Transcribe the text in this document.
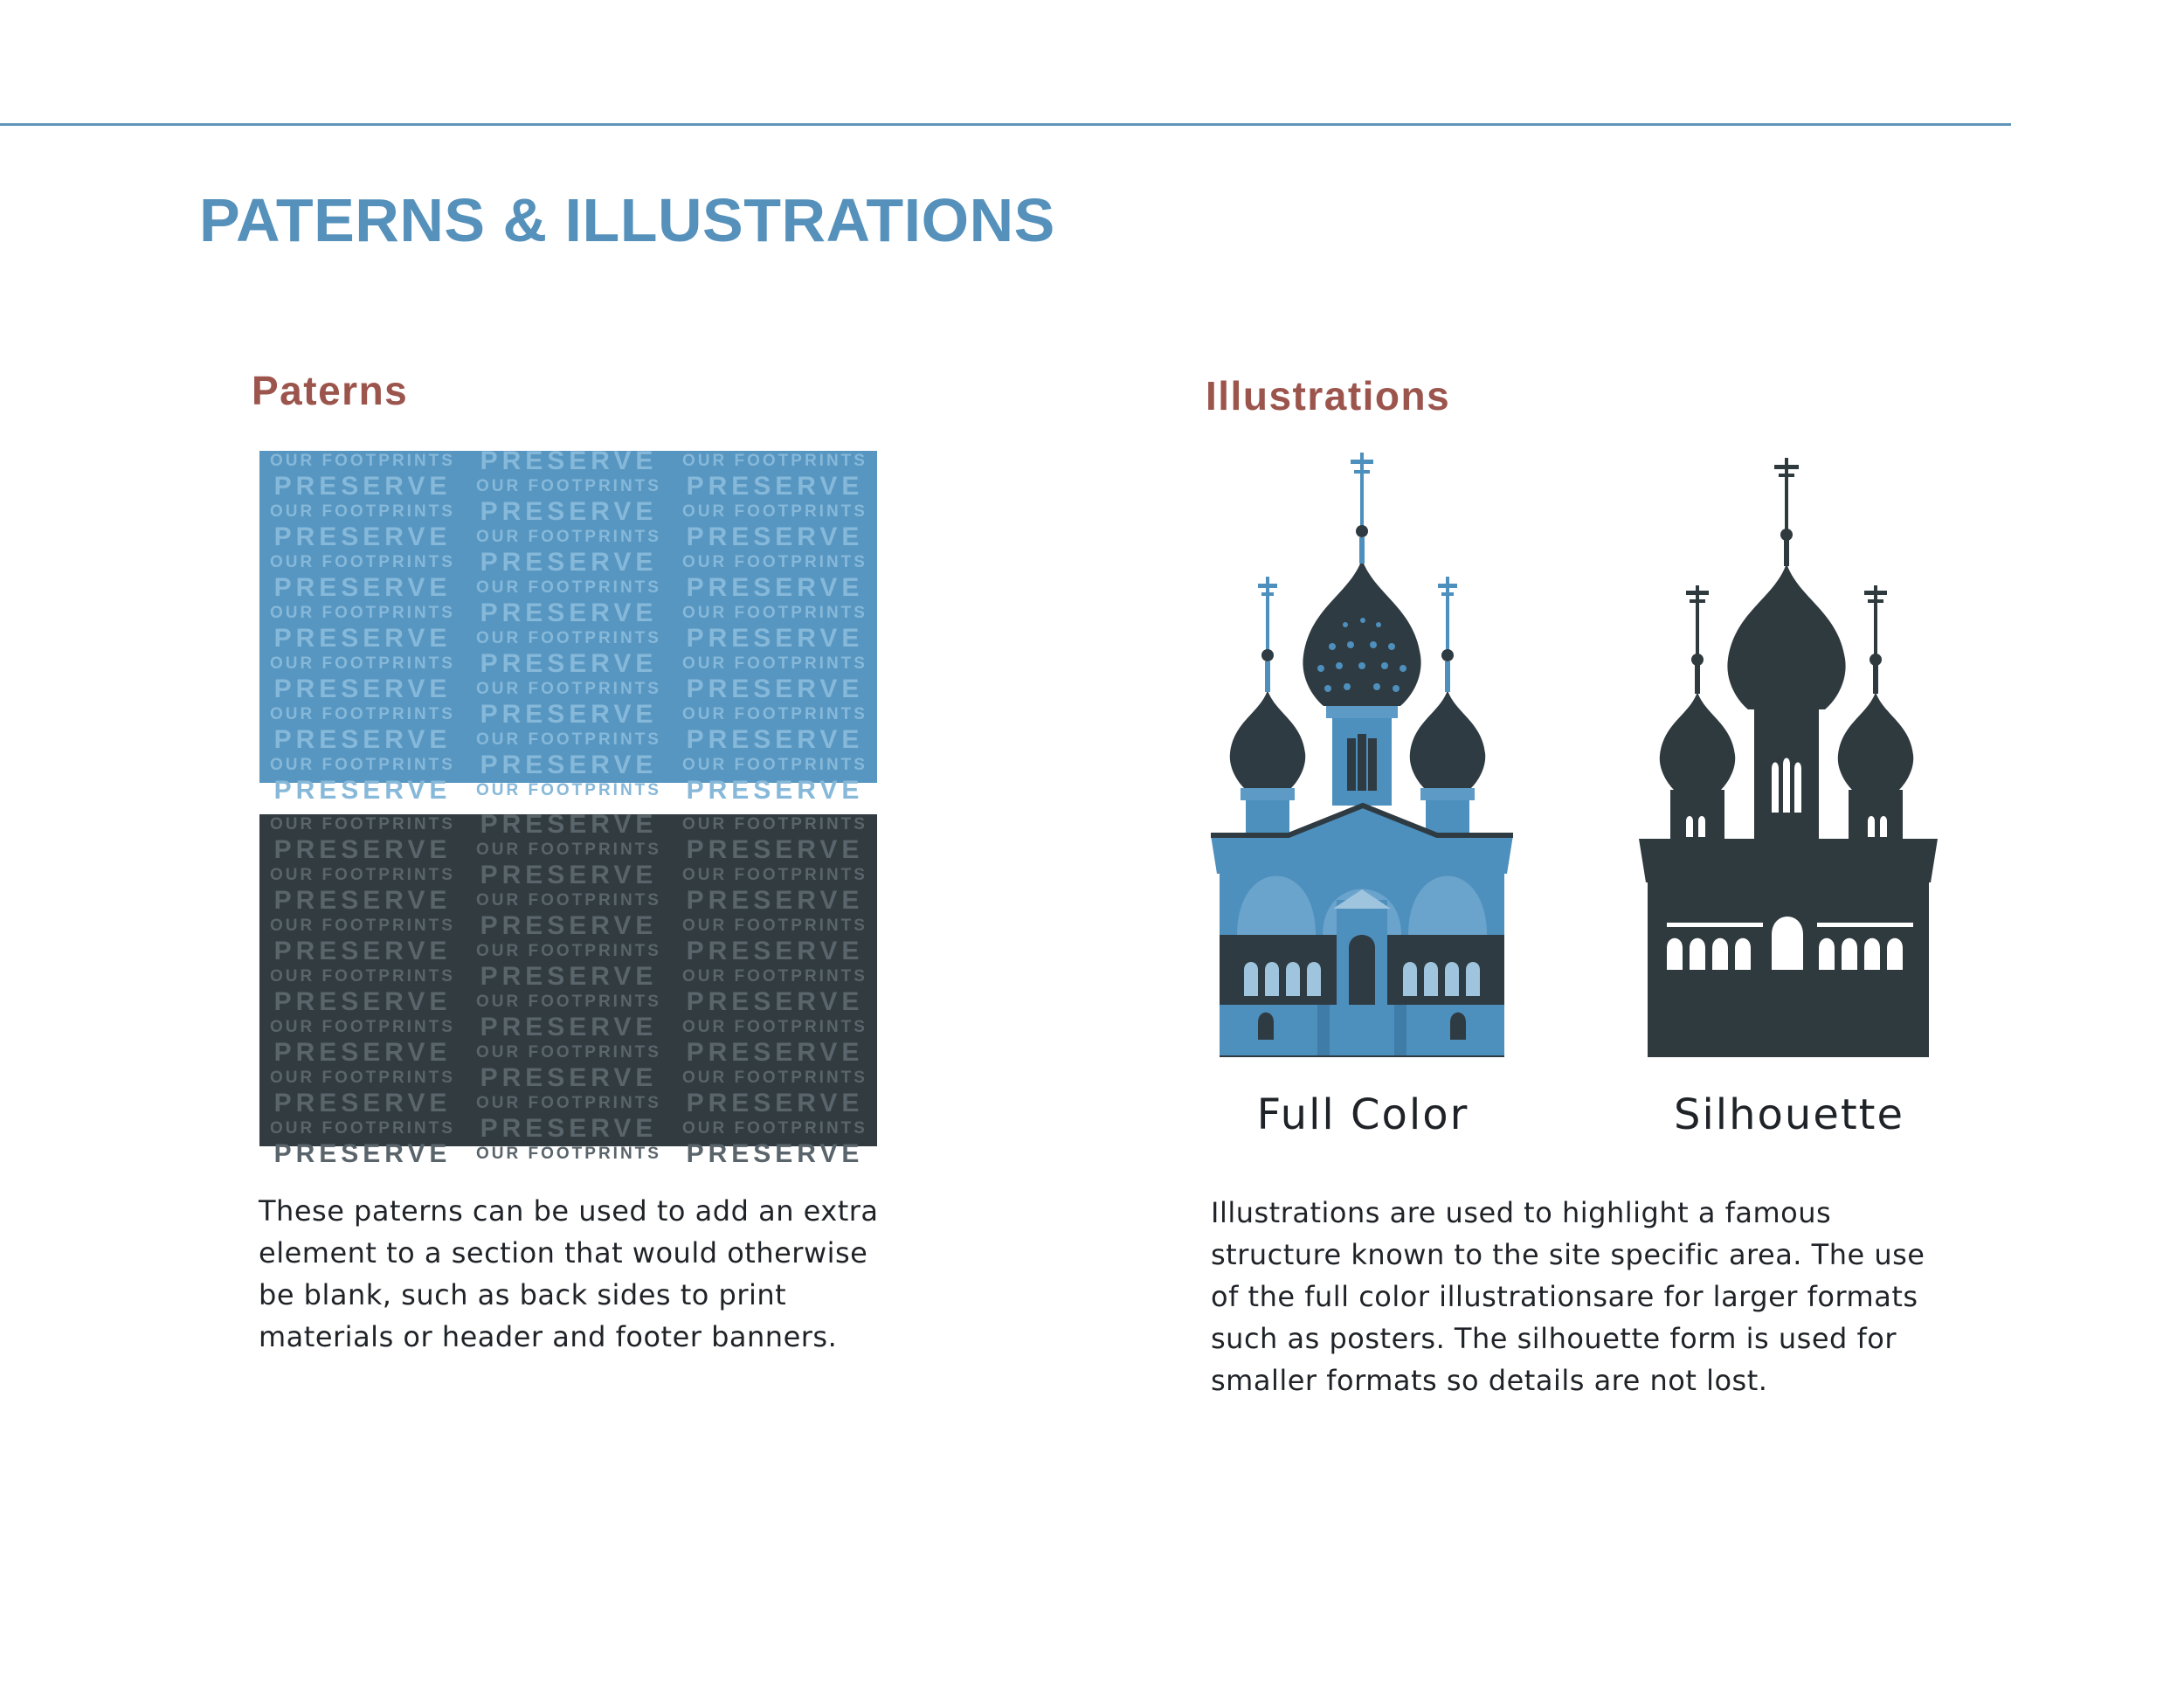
PATERNS & ILLUSTRATIONS
Paterns
OUR FOOTPRINTS PRESERVE	OUR FOOTPRINTS
PRESERVE	OUR FOOTPRINTS PRESERVE
OUR FOOTPRINTS PRESERVE	OUR FOOTPRINTS
PRESERVE	OUR FOOTPRINTS PRESERVE
OUR FOOTPRINTS PRESERVE	OUR FOOTPRINTS
PRESERVE	OUR FOOTPRINTS PRESERVE
OUR FOOTPRINTS PRESERVE	OUR FOOTPRINTS
PRESERVE	OUR FOOTPRINTS PRESERVE
OUR FOOTPRINTS PRESERVE	OUR FOOTPRINTS
PRESERVE	OUR FOOTPRINTS PRESERVE
OUR FOOTPRINTS PRESERVE	OUR FOOTPRINTS
PRESERVE	OUR FOOTPRINTS PRESERVE
OUR FOOTPRINTS PRESERVE	OUR FOOTPRINTS
PRESERVE	OUR FOOTPRINTS PRESERVE
OUR FOOTPRINTS PRESERVE	OUR FOOTPRINTS
PRESERVE	OUR FOOTPRINTS PRESERVE
OUR FOOTPRINTS PRESERVE	OUR FOOTPRINTS
PRESERVE	OUR FOOTPRINTS PRESERVE
OUR FOOTPRINTS PRESERVE	OUR FOOTPRINTS
PRESERVE	OUR FOOTPRINTS PRESERVE
OUR FOOTPRINTS PRESERVE	OUR FOOTPRINTS
PRESERVE	OUR FOOTPRINTS PRESERVE
OUR FOOTPRINTS PRESERVE	OUR FOOTPRINTS
PRESERVE	OUR FOOTPRINTS PRESERVE
OUR FOOTPRINTS PRESERVE	OUR FOOTPRINTS
PRESERVE	OUR FOOTPRINTS PRESERVE
OUR FOOTPRINTS PRESERVE	OUR FOOTPRINTS
PRESERVE	OUR FOOTPRINTS PRESERVE

These paterns can be used to add an extra element to a section that would otherwise be blank, such as back sides to print materials or header and footer banners.

Illustrations

Full Color	Silhouette

Illustrations are used to highlight a famous structure known to the site specific area. The use of the full color illustrationsare for larger formats such as posters. The silhouette form is used for smaller formats so details are not lost.
